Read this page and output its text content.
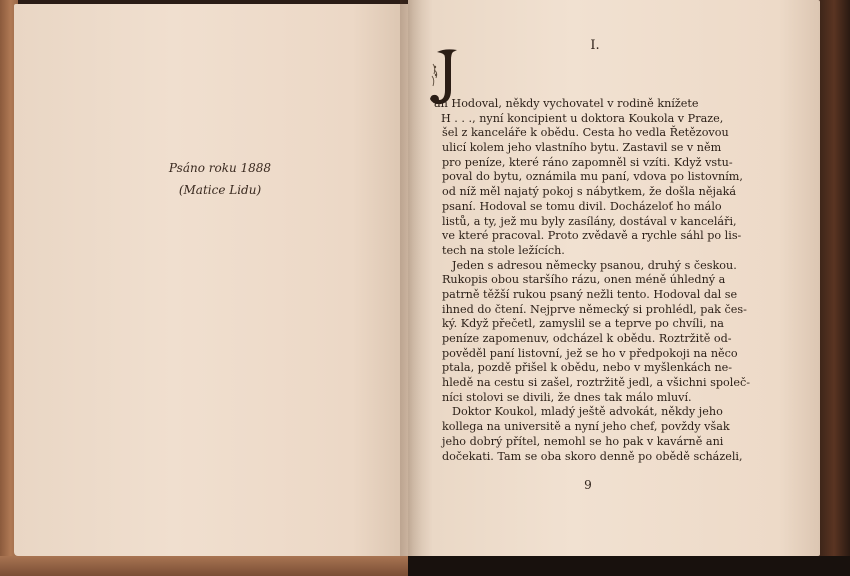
Psáno roku 1888
(Matice Lidu)
I.
J
an Hodoval, někdy vychovatel v rodině knížete
H . . ., nyní koncipient u doktora Koukola v Praze,
šel z kanceláře k obědu. Cesta ho vedla Řetězovou
ulicí kolem jeho vlastního bytu. Zastavil se v něm
pro peníze, které ráno zapomněl si vzíti. Když vstu-
poval do bytu, oznámila mu paní, vdova po listovním,
od níž měl najatý pokoj s nábytkem, že došla nějaká
psaní. Hodoval se tomu divil. Docházeloť ho málo
listů, a ty, jež mu byly zasílány, dostával v kanceláři,
ve které pracoval. Proto zvědavě a rychle sáhl po lis-
tech na stole ležících.
Jeden s adresou německy psanou, druhý s českou.
Rukopis obou staršího rázu, onen méně úhledný a
patrně těžší rukou psaný nežli tento. Hodoval dal se
ihned do čtení. Nejprve německý si prohlédl, pak čes-
ký. Když přečetl, zamyslil se a teprve po chvíli, na
peníze zapomenuv, odcházel k obědu. Roztržitě od-
pověděl paní listovní, jež se ho v předpokoji na něco
ptala, pozdě přišel k obědu, nebo v myšlenkách ne-
hledě na cestu si zašel, roztržitě jedl, a všichni společ-
níci stolovi se divili, že dnes tak málo mluví.
Doktor Koukol, mladý ještě advokát, někdy jeho
kollega na universitě a nyní jeho chef, povždy však
jeho dobrý přítel, nemohl se ho pak v kavárně ani
dočekati. Tam se oba skoro denně po obědě scházeli,
9
